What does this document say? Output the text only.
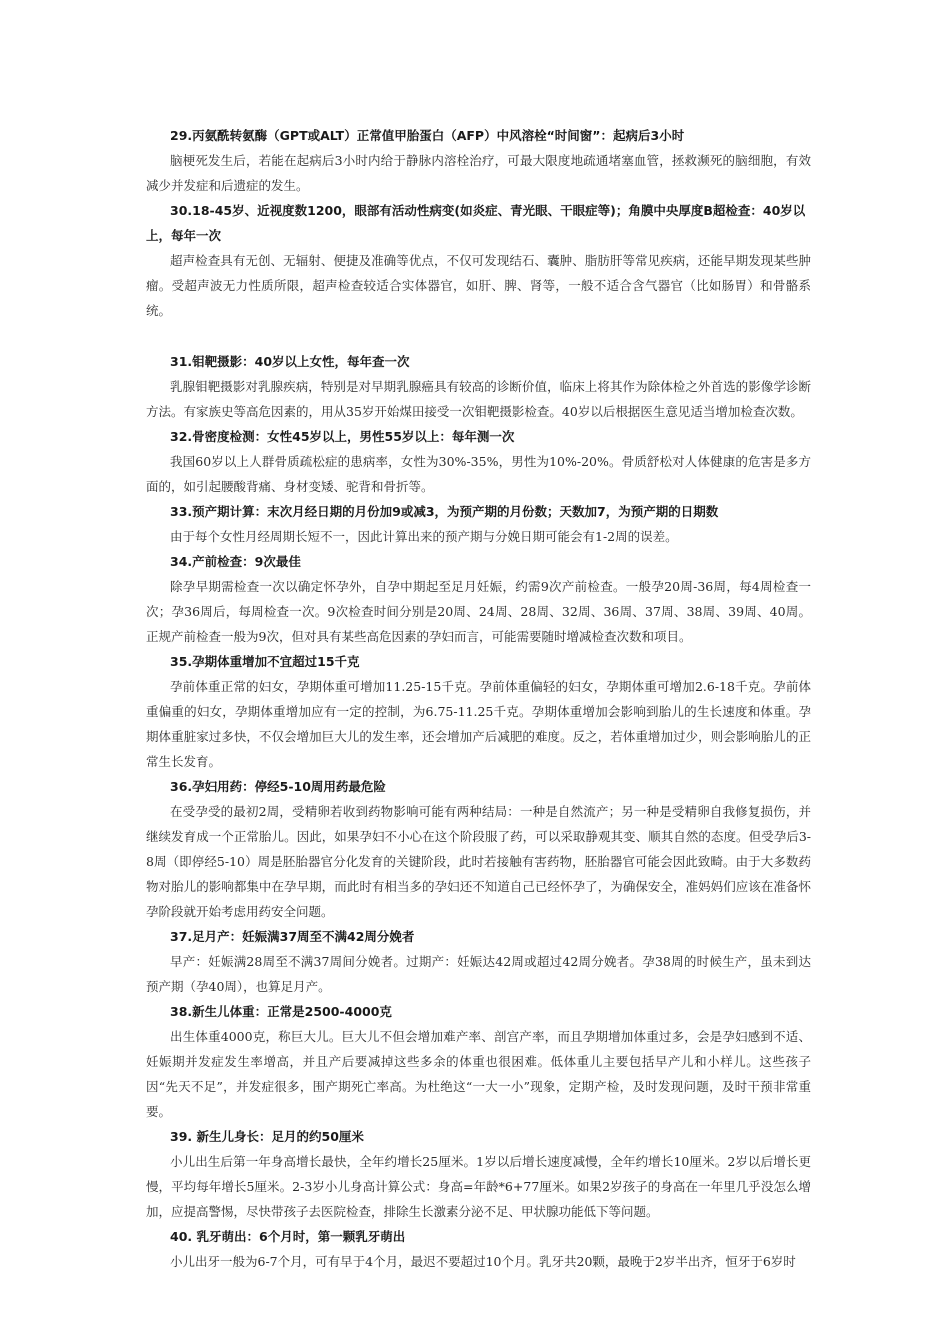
29.丙氨酰转氨酶（GPT或ALT）正常值甲胎蛋白（AFP）中风溶栓“时间窗”：起病后3小时

脑梗死发生后，若能在起病后3小时内给于静脉内溶栓治疗，可最大限度地疏通堵塞血管，拯救濒死的脑细胞，有效减少并发症和后遗症的发生。

30.18-45岁、近视度数1200，眼部有活动性病变(如炎症、青光眼、干眼症等)；角膜中央厚度B超检查：40岁以上，每年一次

超声检查具有无创、无辐射、便捷及准确等优点，不仅可发现结石、囊肿、脂肪肝等常见疾病，还能早期发现某些肿瘤。受超声波无力性质所限，超声检查较适合实体器官，如肝、脾、肾等，一般不适合含气器官（比如肠胃）和骨骼系统。

31.钼靶摄影：40岁以上女性，每年查一次

乳腺钼靶摄影对乳腺疾病，特别是对早期乳腺癌具有较高的诊断价值，临床上将其作为除体检之外首选的影像学诊断方法。有家族史等高危因素的，用从35岁开始煤田接受一次钼靶摄影检查。40岁以后根据医生意见适当增加检查次数。

32.骨密度检测：女性45岁以上，男性55岁以上：每年测一次

我国60岁以上人群骨质疏松症的患病率，女性为30%-35%，男性为10%-20%。骨质舒松对人体健康的危害是多方面的，如引起腰酸背痛、身材变矮、驼背和骨折等。

33.预产期计算：末次月经日期的月份加9或减3，为预产期的月份数；天数加7，为预产期的日期数

由于每个女性月经周期长短不一，因此计算出来的预产期与分娩日期可能会有1-2周的误差。

34.产前检查：9次最佳

除孕早期需检查一次以确定怀孕外，自孕中期起至足月妊娠，约需9次产前检查。一般孕20周-36周，每4周检查一次；孕36周后，每周检查一次。9次检查时间分别是20周、24周、28周、32周、36周、37周、38周、39周、40周。正规产前检查一般为9次，但对具有某些高危因素的孕妇而言，可能需要随时增减检查次数和项目。

35.孕期体重增加不宜超过15千克

孕前体重正常的妇女，孕期体重可增加11.25-15千克。孕前体重偏轻的妇女，孕期体重可增加2.6-18千克。孕前体重偏重的妇女，孕期体重增加应有一定的控制，为6.75-11.25千克。孕期体重增加会影响到胎儿的生长速度和体重。孕期体重脏家过多快，不仅会增加巨大儿的发生率，还会增加产后减肥的难度。反之，若体重增加过少，则会影响胎儿的正常生长发育。

36.孕妇用药：停经5-10周用药最危险

在受孕受的最初2周，受精卵若收到药物影响可能有两种结局：一种是自然流产；另一种是受精卵自我修复损伤，并继续发育成一个正常胎儿。因此，如果孕妇不小心在这个阶段服了药，可以采取静观其变、顺其自然的态度。但受孕后3-8周（即停经5-10）周是胚胎器官分化发育的关键阶段，此时若接触有害药物，胚胎器官可能会因此致畸。由于大多数药物对胎儿的影响都集中在孕早期，而此时有相当多的孕妇还不知道自己已经怀孕了，为确保安全，准妈妈们应该在准备怀孕阶段就开始考虑用药安全问题。

37.足月产：妊娠满37周至不满42周分娩者

早产：妊娠满28周至不满37周间分娩者。过期产：妊娠达42周或超过42周分娩者。孕38周的时候生产，虽未到达预产期（孕40周），也算足月产。

38.新生儿体重：正常是2500-4000克

出生体重4000克，称巨大儿。巨大儿不但会增加难产率、剖宫产率，而且孕期增加体重过多，会是孕妇感到不适、妊娠期并发症发生率增高，并且产后要减掉这些多余的体重也很困难。低体重儿主要包括早产儿和小样儿。这些孩子因“先天不足”，并发症很多，围产期死亡率高。为杜绝这“一大一小”现象，定期产检，及时发现问题，及时干预非常重要。

39. 新生儿身长：足月的约50厘米

小儿出生后第一年身高增长最快，全年约增长25厘米。1岁以后增长速度减慢，全年约增长10厘米。2岁以后增长更慢，平均每年增长5厘米。2-3岁小儿身高计算公式：身高=年龄*6+77厘米。如果2岁孩子的身高在一年里几乎没怎么增加，应提高警惕，尽快带孩子去医院检查，排除生长激素分泌不足、甲状腺功能低下等问题。

40. 乳牙萌出：6个月时，第一颗乳牙萌出

小儿出牙一般为6-7个月，可有早于4个月，最迟不要超过10个月。乳牙共20颗，最晚于2岁半出齐，恒牙于6岁时
